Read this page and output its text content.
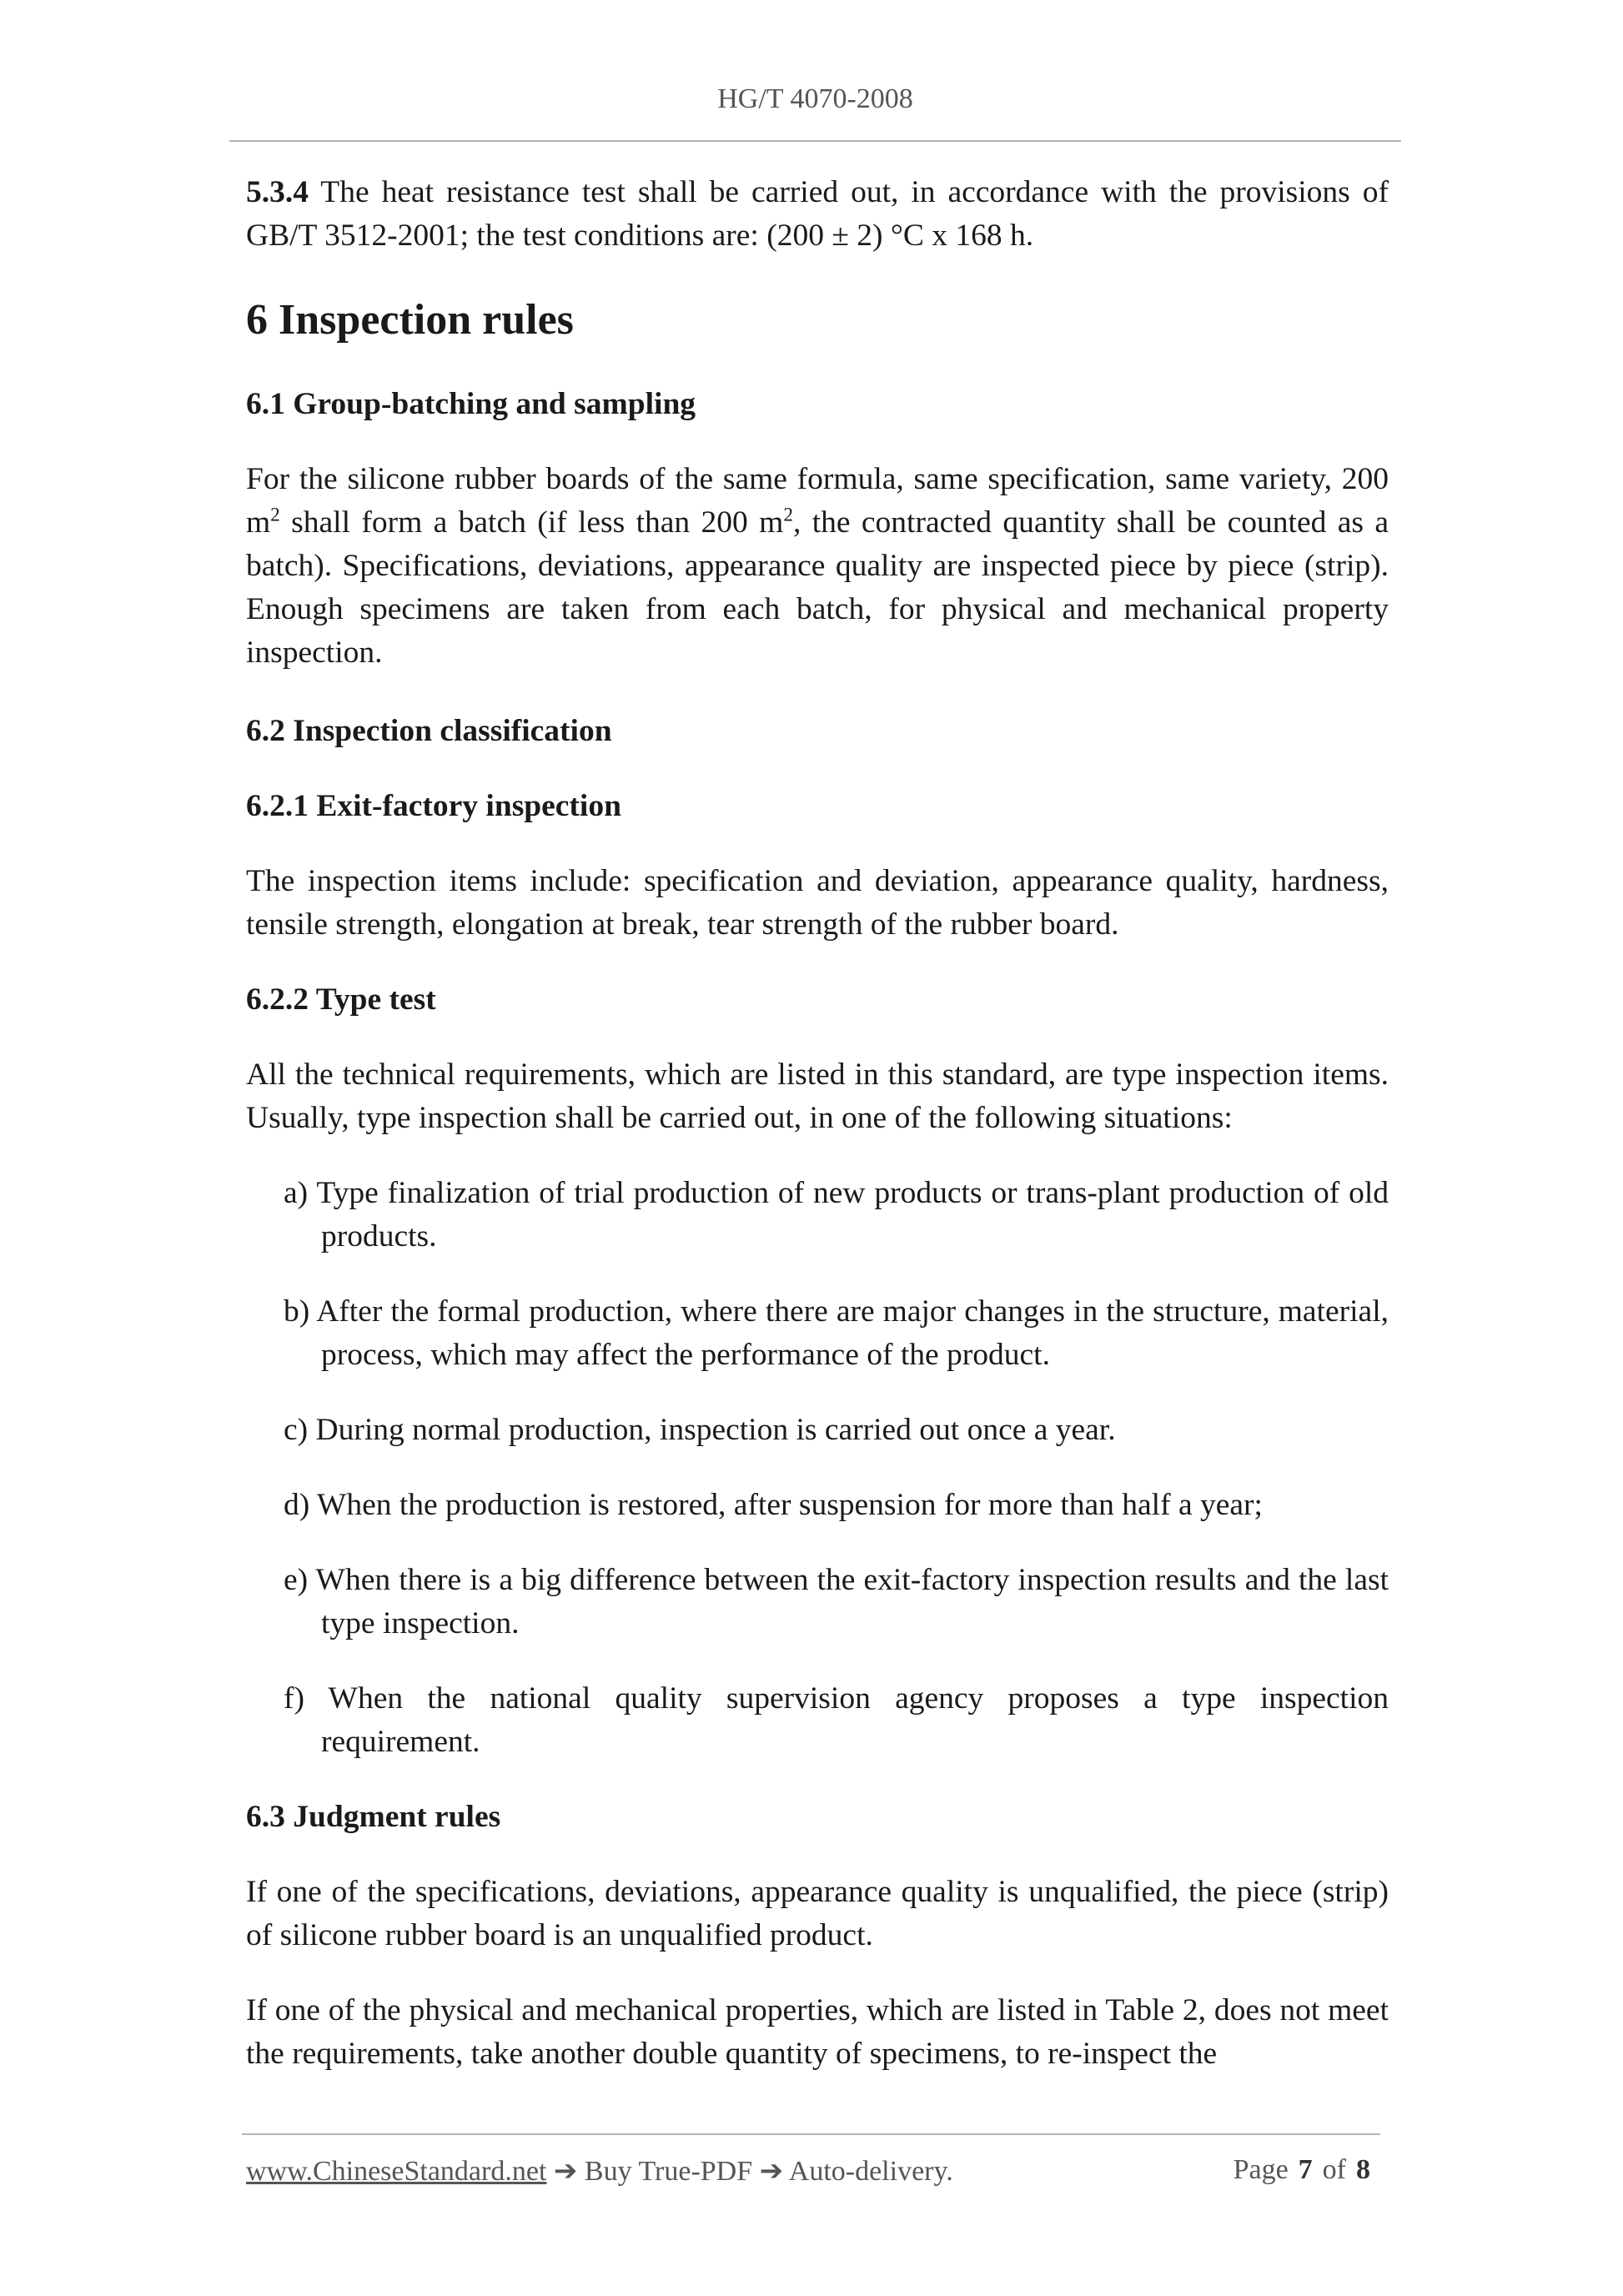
HG/T 4070-2008

5.3.4 The heat resistance test shall be carried out, in accordance with the provisions of GB/T 3512-2001; the test conditions are: (200 ± 2) °C x 168 h.

6 Inspection rules
6.1 Group-batching and sampling

For the silicone rubber boards of the same formula, same specification, same variety, 200 $m^2$ shall form a batch (if less than 200 $m^2$, the contracted quantity shall be counted as a batch). Specifications, deviations, appearance quality are inspected piece by piece (strip). Enough specimens are taken from each batch, for physical and mechanical property inspection.

6.2 Inspection classification
6.2.1 Exit-factory inspection

The inspection items include: specification and deviation, appearance quality, hardness, tensile strength, elongation at break, tear strength of the rubber board.

6.2.2 Type test

All the technical requirements, which are listed in this standard, are type inspection items. Usually, type inspection shall be carried out, in one of the following situations:

a) Type finalization of trial production of new products or trans-plant production of old products.

b) After the formal production, where there are major changes in the structure, material, process, which may affect the performance of the product.

c) During normal production, inspection is carried out once a year.

d) When the production is restored, after suspension for more than half a year;

e) When there is a big difference between the exit-factory inspection results and the last type inspection.

f) When the national quality supervision agency proposes a type inspection requirement.

6.3 Judgment rules

If one of the specifications, deviations, appearance quality is unqualified, the piece (strip) of silicone rubber board is an unqualified product.

If one of the physical and mechanical properties, which are listed in Table 2, does not meet the requirements, take another double quantity of specimens, to re-inspect the

www.ChineseStandard.net ➔ Buy True-PDF ➔ Auto-delivery.	Page 7 of 8
